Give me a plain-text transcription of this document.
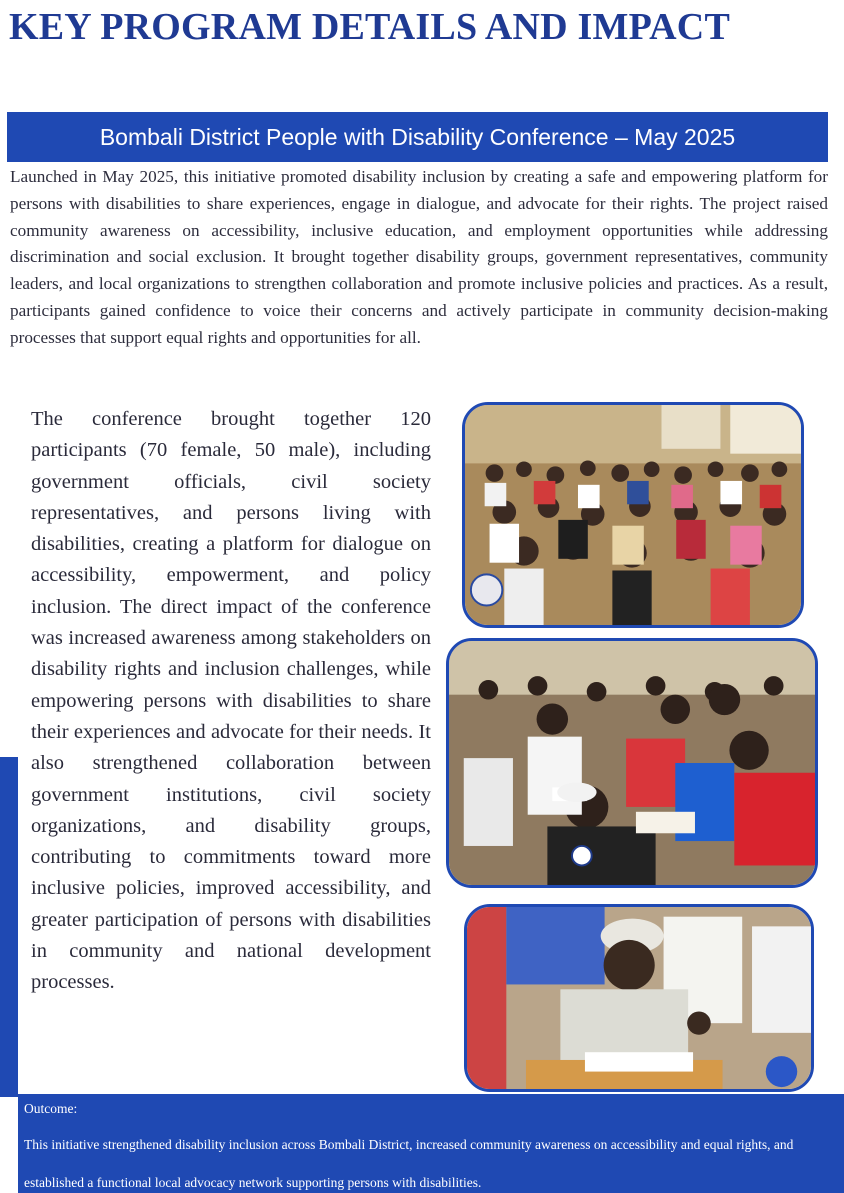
KEY PROGRAM DETAILS AND IMPACT
Bombali District People with Disability Conference – May 2025
Launched in May 2025, this initiative promoted disability inclusion by creating a safe and empowering platform for persons with disabilities to share experiences, engage in dialogue, and advocate for their rights. The project raised community awareness on accessibility, inclusive education, and employment opportunities while addressing discrimination and social exclusion. It brought together disability groups, government representatives, community leaders, and local organizations to strengthen collaboration and promote inclusive policies and practices. As a result, participants gained confidence to voice their concerns and actively participate in community decision-making processes that support equal rights and opportunities for all.
The conference brought together 120 participants (70 female, 50 male), including government officials, civil society representatives, and persons living with disabilities, creating a platform for dialogue on accessibility, empowerment, and policy inclusion. The direct impact of the conference was increased awareness among stakeholders on disability rights and inclusion challenges, while empowering persons with disabilities to share their experiences and advocate for their needs. It also strengthened collaboration between government institutions, civil society organizations, and disability groups, contributing to commitments toward more inclusive policies, improved accessibility, and greater participation of persons with disabilities in community and national development processes.
Outcome:
This initiative strengthened disability inclusion across Bombali District, increased community awareness on accessibility and equal rights, and established a functional local advocacy network supporting persons with disabilities.
